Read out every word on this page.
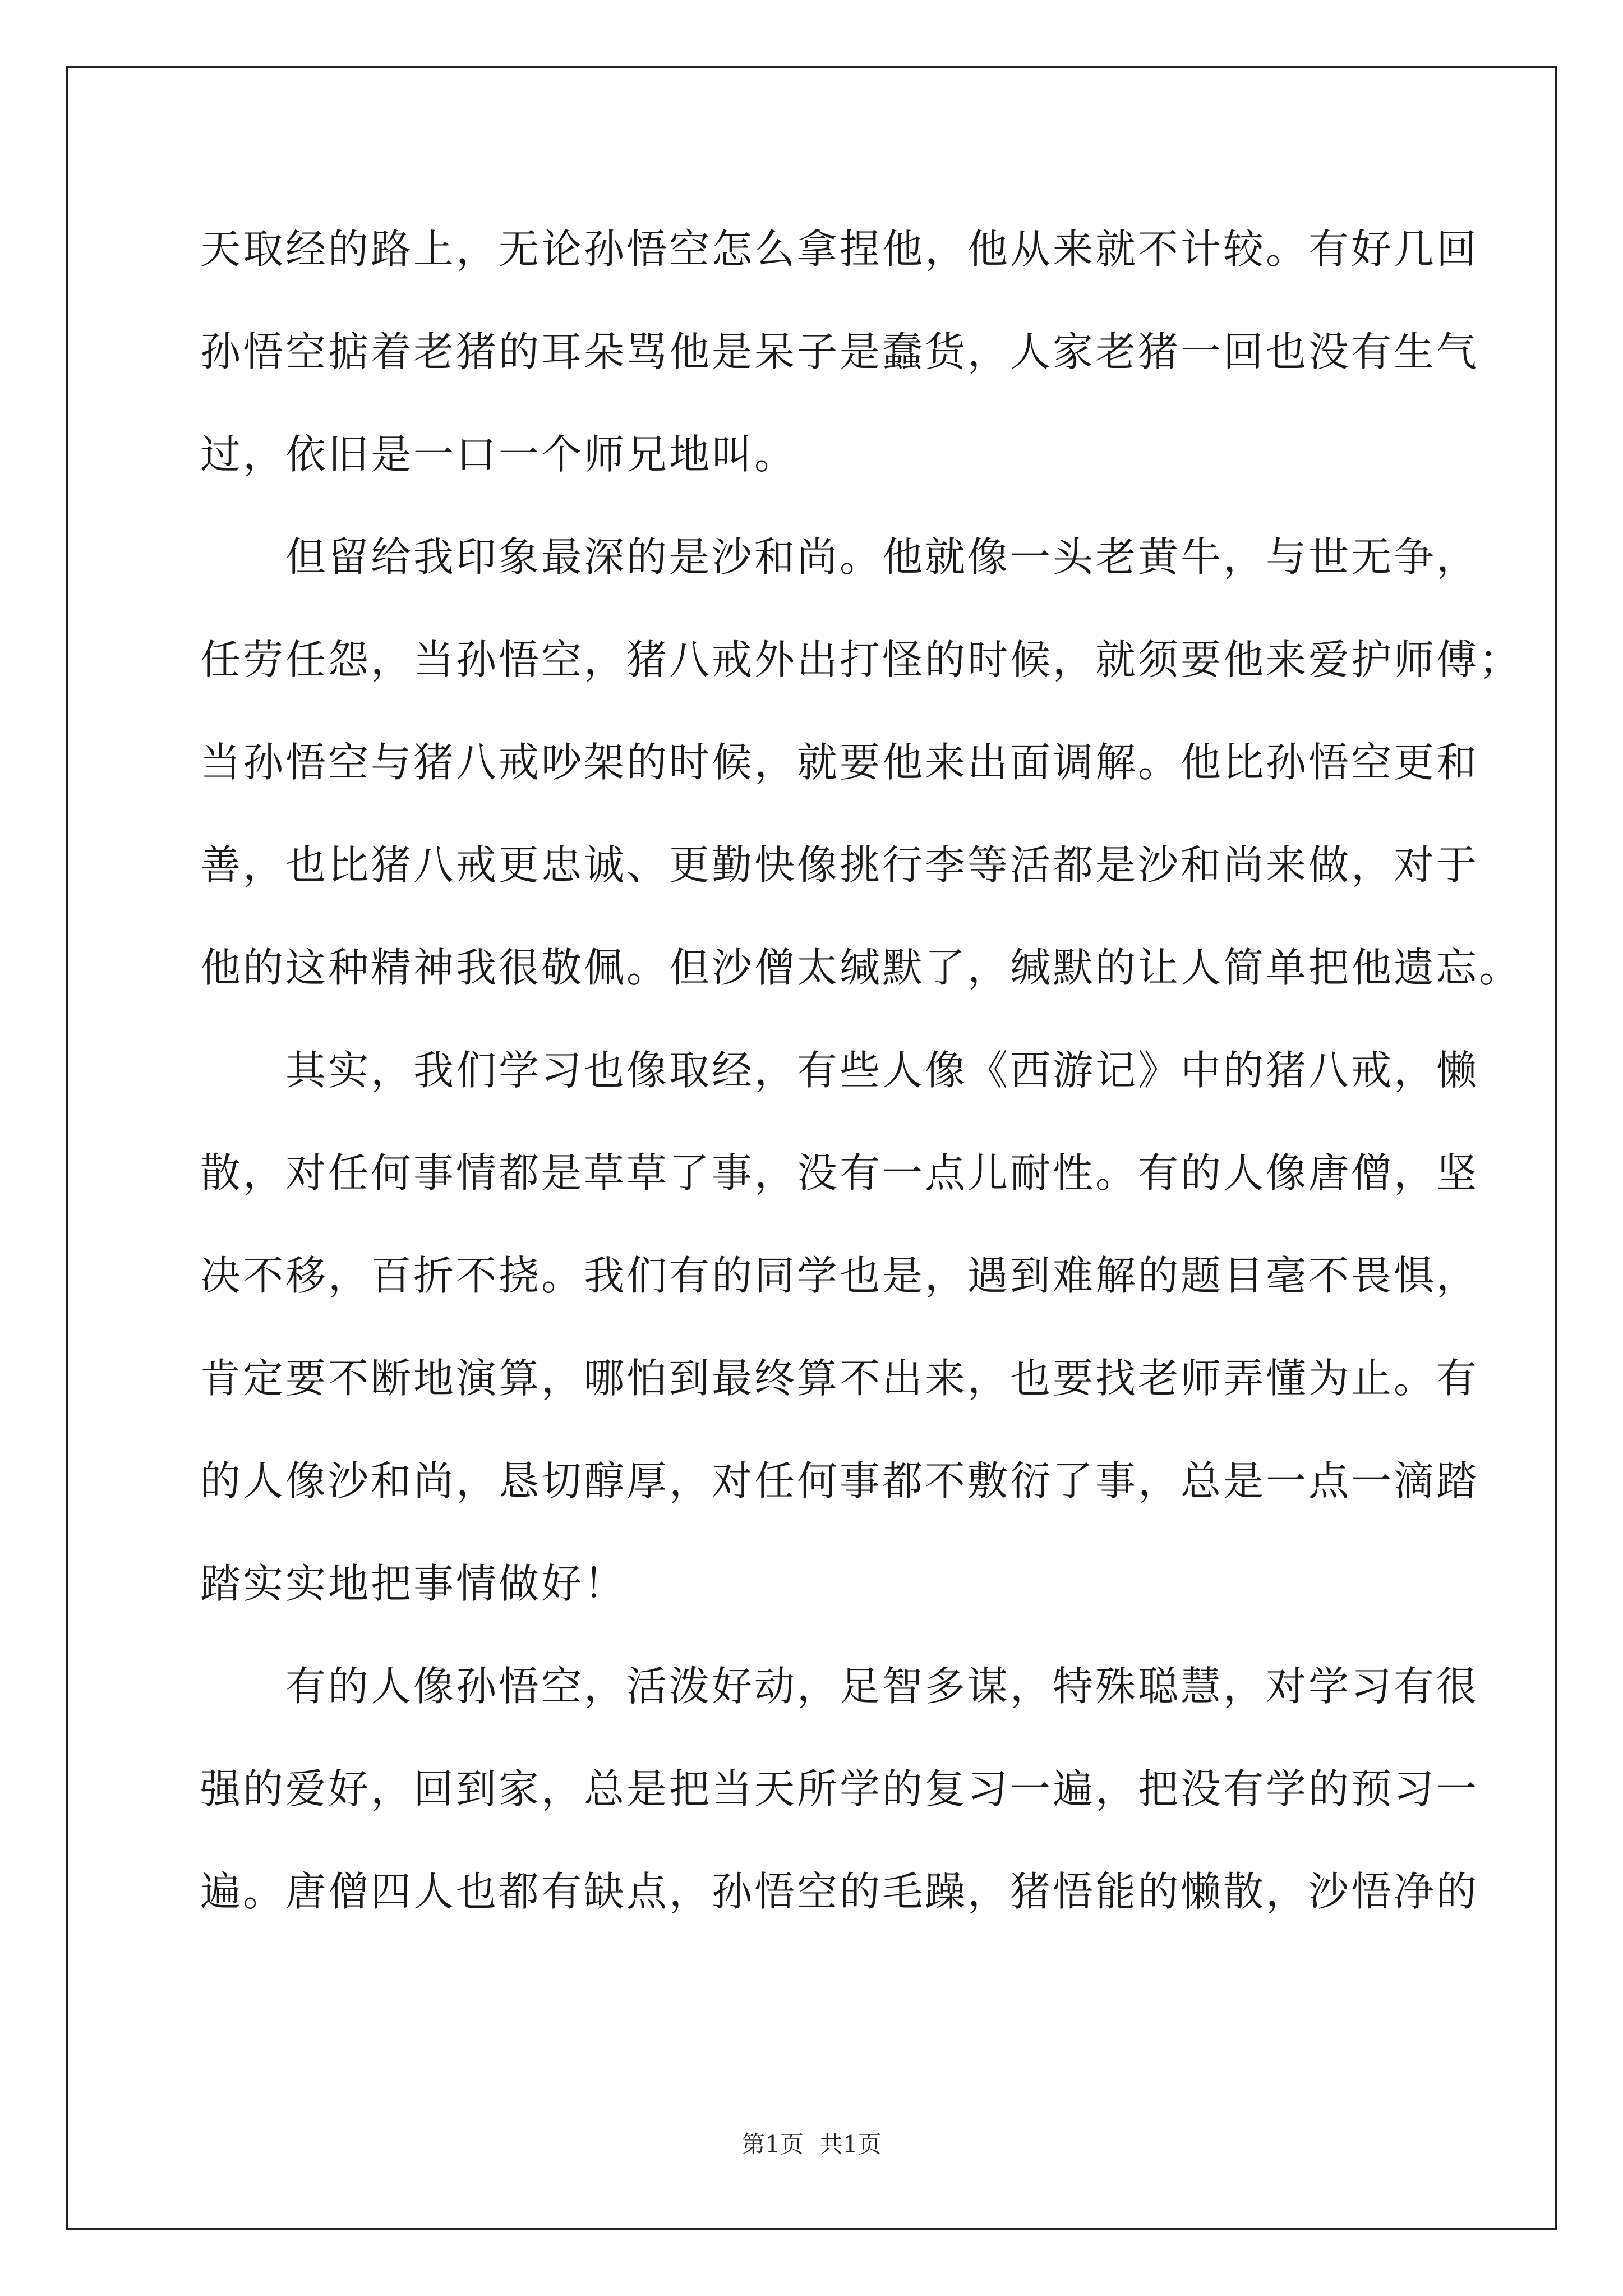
天取经的路上，无论孙悟空怎么拿捏他，他从来就不计较。有好几回
孙悟空掂着老猪的耳朵骂他是呆子是蠢货，人家老猪一回也没有生气
过，依旧是一口一个师兄地叫。
　　但留给我印象最深的是沙和尚。他就像一头老黄牛，与世无争，
任劳任怨，当孙悟空，猪八戒外出打怪的时候，就须要他来爱护师傅；
当孙悟空与猪八戒吵架的时候，就要他来出面调解。他比孙悟空更和
善，也比猪八戒更忠诚、更勤快像挑行李等活都是沙和尚来做，对于
他的这种精神我很敬佩。但沙僧太缄默了，缄默的让人简单把他遗忘。
　　其实，我们学习也像取经，有些人像《西游记》中的猪八戒，懒
散，对任何事情都是草草了事，没有一点儿耐性。有的人像唐僧，坚
决不移，百折不挠。我们有的同学也是，遇到难解的题目毫不畏惧，
肯定要不断地演算，哪怕到最终算不出来，也要找老师弄懂为止。有
的人像沙和尚，恳切醇厚，对任何事都不敷衍了事，总是一点一滴踏
踏实实地把事情做好！
　　有的人像孙悟空，活泼好动，足智多谋，特殊聪慧，对学习有很
强的爱好，回到家，总是把当天所学的复习一遍，把没有学的预习一
遍。唐僧四人也都有缺点，孙悟空的毛躁，猪悟能的懒散，沙悟净的
第1页 共1页
